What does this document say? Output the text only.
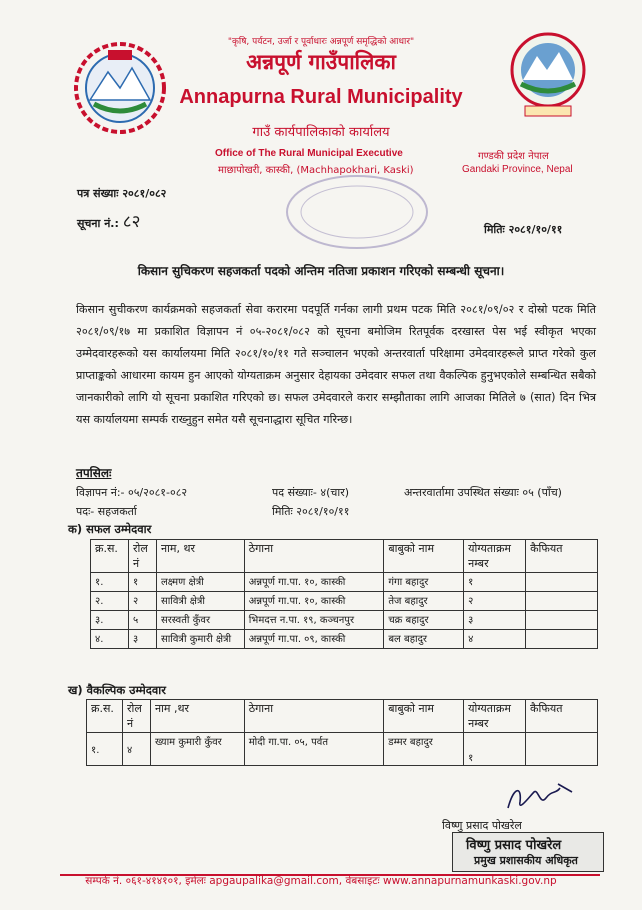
"कृषि, पर्यटन, उर्जा र पूर्वाधारः अन्नपूर्ण समृद्धिको आधार"
अन्नपूर्ण गाउँपालिका
Annapurna Rural Municipality
गाउँ कार्यपालिकाको कार्यालय
Office of The Rural Municipal Executive
माछापोखरी, कास्की, (Machhapokhari, Kaski)
गण्डकी प्रदेश नेपाल
Gandaki Province, Nepal
पत्र संख्याः २०८१/०८२
सूचना नं.: ८२	मितिः २०८१/१०/११
किसान सुचिकरण सहजकर्ता पदको अन्तिम नतिजा प्रकाशन गरिएको सम्बन्धी सूचना।
किसान सुचीकरण कार्यक्रमको सहजकर्ता सेवा करारमा पदपूर्ति गर्नका लागी प्रथम पटक मिति २०८१/०९/०२ र दोस्रो पटक मिति २०८१/०९/१७ मा प्रकाशित विज्ञापन नं ०५-२०८१/०८२ को सूचना बमोजिम रितपूर्वक दरखास्त पेस भई स्वीकृत भएका उम्मेदवारहरूको यस कार्यालयमा मिति २०८१/१०/११ गते सञ्चालन भएको अन्तरवार्ता परिक्षामा उमेदवारहरूले प्राप्त गरेको कुल प्राप्ताङ्कको आधारमा कायम हुन आएको योग्यताक्रम अनुसार देहायका उमेदवार सफल तथा वैकल्पिक हुनुभएकोले सम्बन्धित सबैको जानकारीको लागि यो सूचना प्रकाशित गरिएको छ। सफल उमेदवारले करार सम्झौताका लागि आजका मितिले ७ (सात) दिन भित्र यस कार्यालयमा सम्पर्क राख्नुहुन समेत यसै सूचनाद्धारा सूचित गरिन्छ।
तपसिलः
विज्ञापन नं:- ०५/२०८१-०८२	पद संख्याः- ४(चार)	अन्तरवार्तामा उपस्थित संख्याः ०५ (पाँच)
पदः- सहजकर्ता	मितिः २०८१/१०/११
क) सफल उम्मेदवार
क्र.स.	रोल नं	नाम, थर	ठेगाना	बाबुको नाम	योग्यताक्रम नम्बर	कैफियत
१.	१	लक्ष्मण क्षेत्री	अन्नपूर्ण गा.पा. १०, कास्की	गंगा बहादुर	१	
२.	२	सावित्री क्षेत्री	अन्नपूर्ण गा.पा. १०, कास्की	तेज बहादुर	२	
३.	५	सरस्वती कुँवर	भिमदत्त न.पा. १९, कञ्चनपुर	चक्र बहादुर	३	
४.	३	सावित्री कुमारी क्षेत्री	अन्नपूर्ण गा.पा. ०९, कास्की	बल बहादुर	४	
ख) वैकल्पिक उम्मेदवार
क्र.स.	रोल नं	नाम ,थर	ठेगाना	बाबुको नाम	योग्यताक्रम नम्बर	कैफियत
१.	४	ख्याम कुमारी कुँवर	मोदी गा.पा. ०५, पर्वत	डम्मर बहादुर	१	
विष्णु प्रसाद पोखरेल
विष्णु प्रसाद पोखरेल
प्रमुख प्रशासकीय अधिकृत
सम्पर्क नं. ०६१-४१४१०१, इमेलः apgaupalika@gmail.com, वेबसाइटः www.annapurnamunkaski.gov.np
